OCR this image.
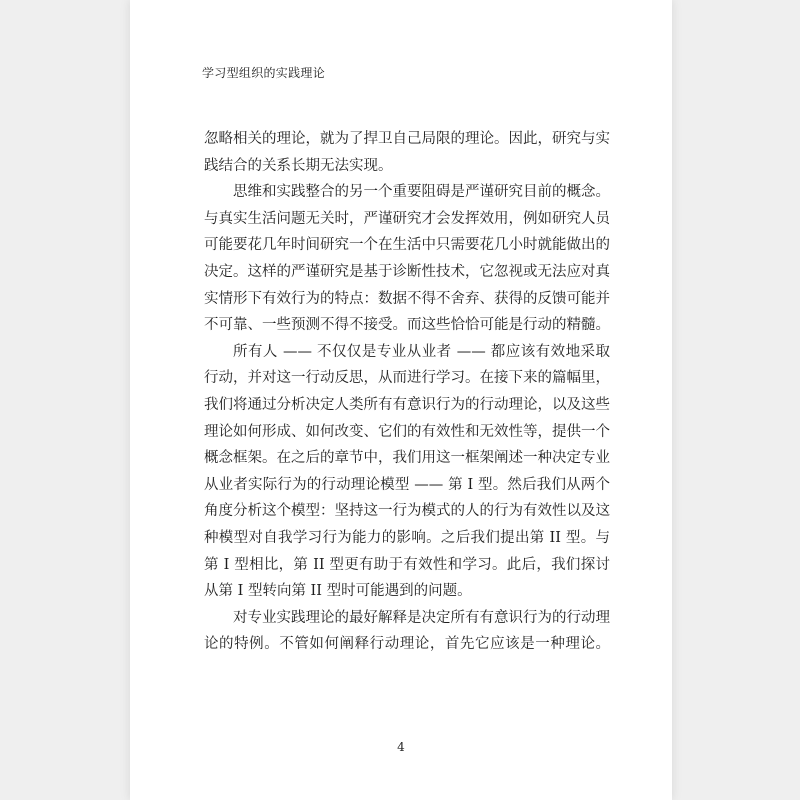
学习型组织的实践理论

忽略相关的理论，就为了捍卫自己局限的理论。因此，研究与实践结合的关系长期无法实现。

思维和实践整合的另一个重要阻碍是严谨研究目前的概念。与真实生活问题无关时，严谨研究才会发挥效用，例如研究人员可能要花几年时间研究一个在生活中只需要花几小时就能做出的决定。这样的严谨研究是基于诊断性技术，它忽视或无法应对真实情形下有效行为的特点：数据不得不舍弃、获得的反馈可能并不可靠、一些预测不得不接受。而这些恰恰可能是行动的精髓。

所有人 —— 不仅仅是专业从业者 —— 都应该有效地采取行动，并对这一行动反思，从而进行学习。在接下来的篇幅里，我们将通过分析决定人类所有有意识行为的行动理论，以及这些理论如何形成、如何改变、它们的有效性和无效性等，提供一个概念框架。在之后的章节中，我们用这一框架阐述一种决定专业从业者实际行为的行动理论模型 —— 第 I 型。然后我们从两个角度分析这个模型：坚持这一行为模式的人的行为有效性以及这种模型对自我学习行为能力的影响。之后我们提出第 II 型。与第 I 型相比，第 II 型更有助于有效性和学习。此后，我们探讨从第 I 型转向第 II 型时可能遇到的问题。

对专业实践理论的最好解释是决定所有有意识行为的行动理论的特例。不管如何阐释行动理论，首先它应该是一种理论。

4
